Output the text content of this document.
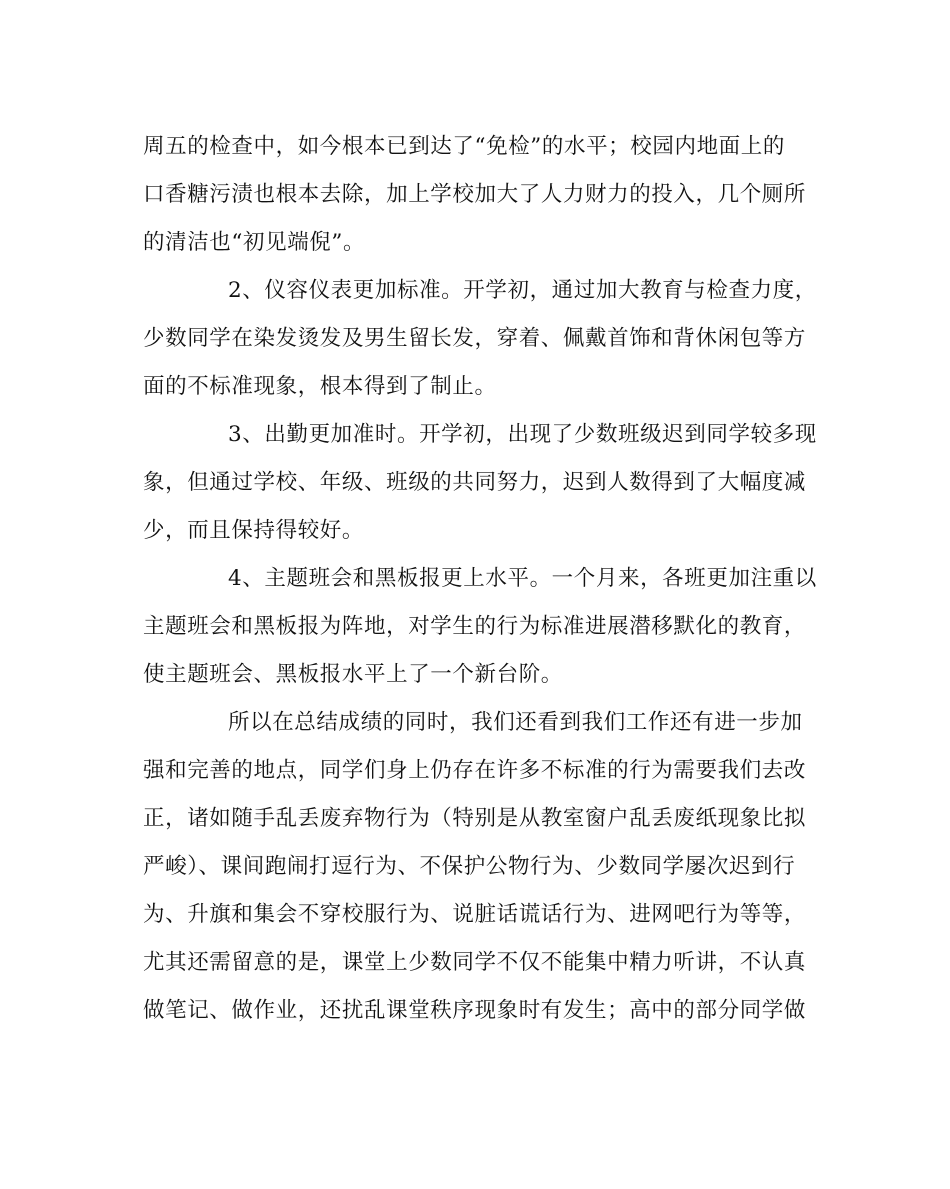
周五的检查中，如今根本已到达了“免检”的水平；校园内地面上的
口香糖污渍也根本去除，加上学校加大了人力财力的投入，几个厕所
的清洁也“初见端倪”。
2、仪容仪表更加标准。开学初，通过加大教育与检查力度，
少数同学在染发烫发及男生留长发，穿着、佩戴首饰和背休闲包等方
面的不标准现象，根本得到了制止。
3、出勤更加准时。开学初，出现了少数班级迟到同学较多现
象，但通过学校、年级、班级的共同努力，迟到人数得到了大幅度减
少，而且保持得较好。
4、主题班会和黑板报更上水平。一个月来，各班更加注重以
主题班会和黑板报为阵地，对学生的行为标准进展潜移默化的教育，
使主题班会、黑板报水平上了一个新台阶。
所以在总结成绩的同时，我们还看到我们工作还有进一步加
强和完善的地点，同学们身上仍存在许多不标准的行为需要我们去改
正，诸如随手乱丢废弃物行为（特别是从教室窗户乱丢废纸现象比拟
严峻）、课间跑闹打逗行为、不保护公物行为、少数同学屡次迟到行
为、升旗和集会不穿校服行为、说脏话谎话行为、进网吧行为等等，
尤其还需留意的是，课堂上少数同学不仅不能集中精力听讲，不认真
做笔记、做作业，还扰乱课堂秩序现象时有发生；高中的部分同学做
